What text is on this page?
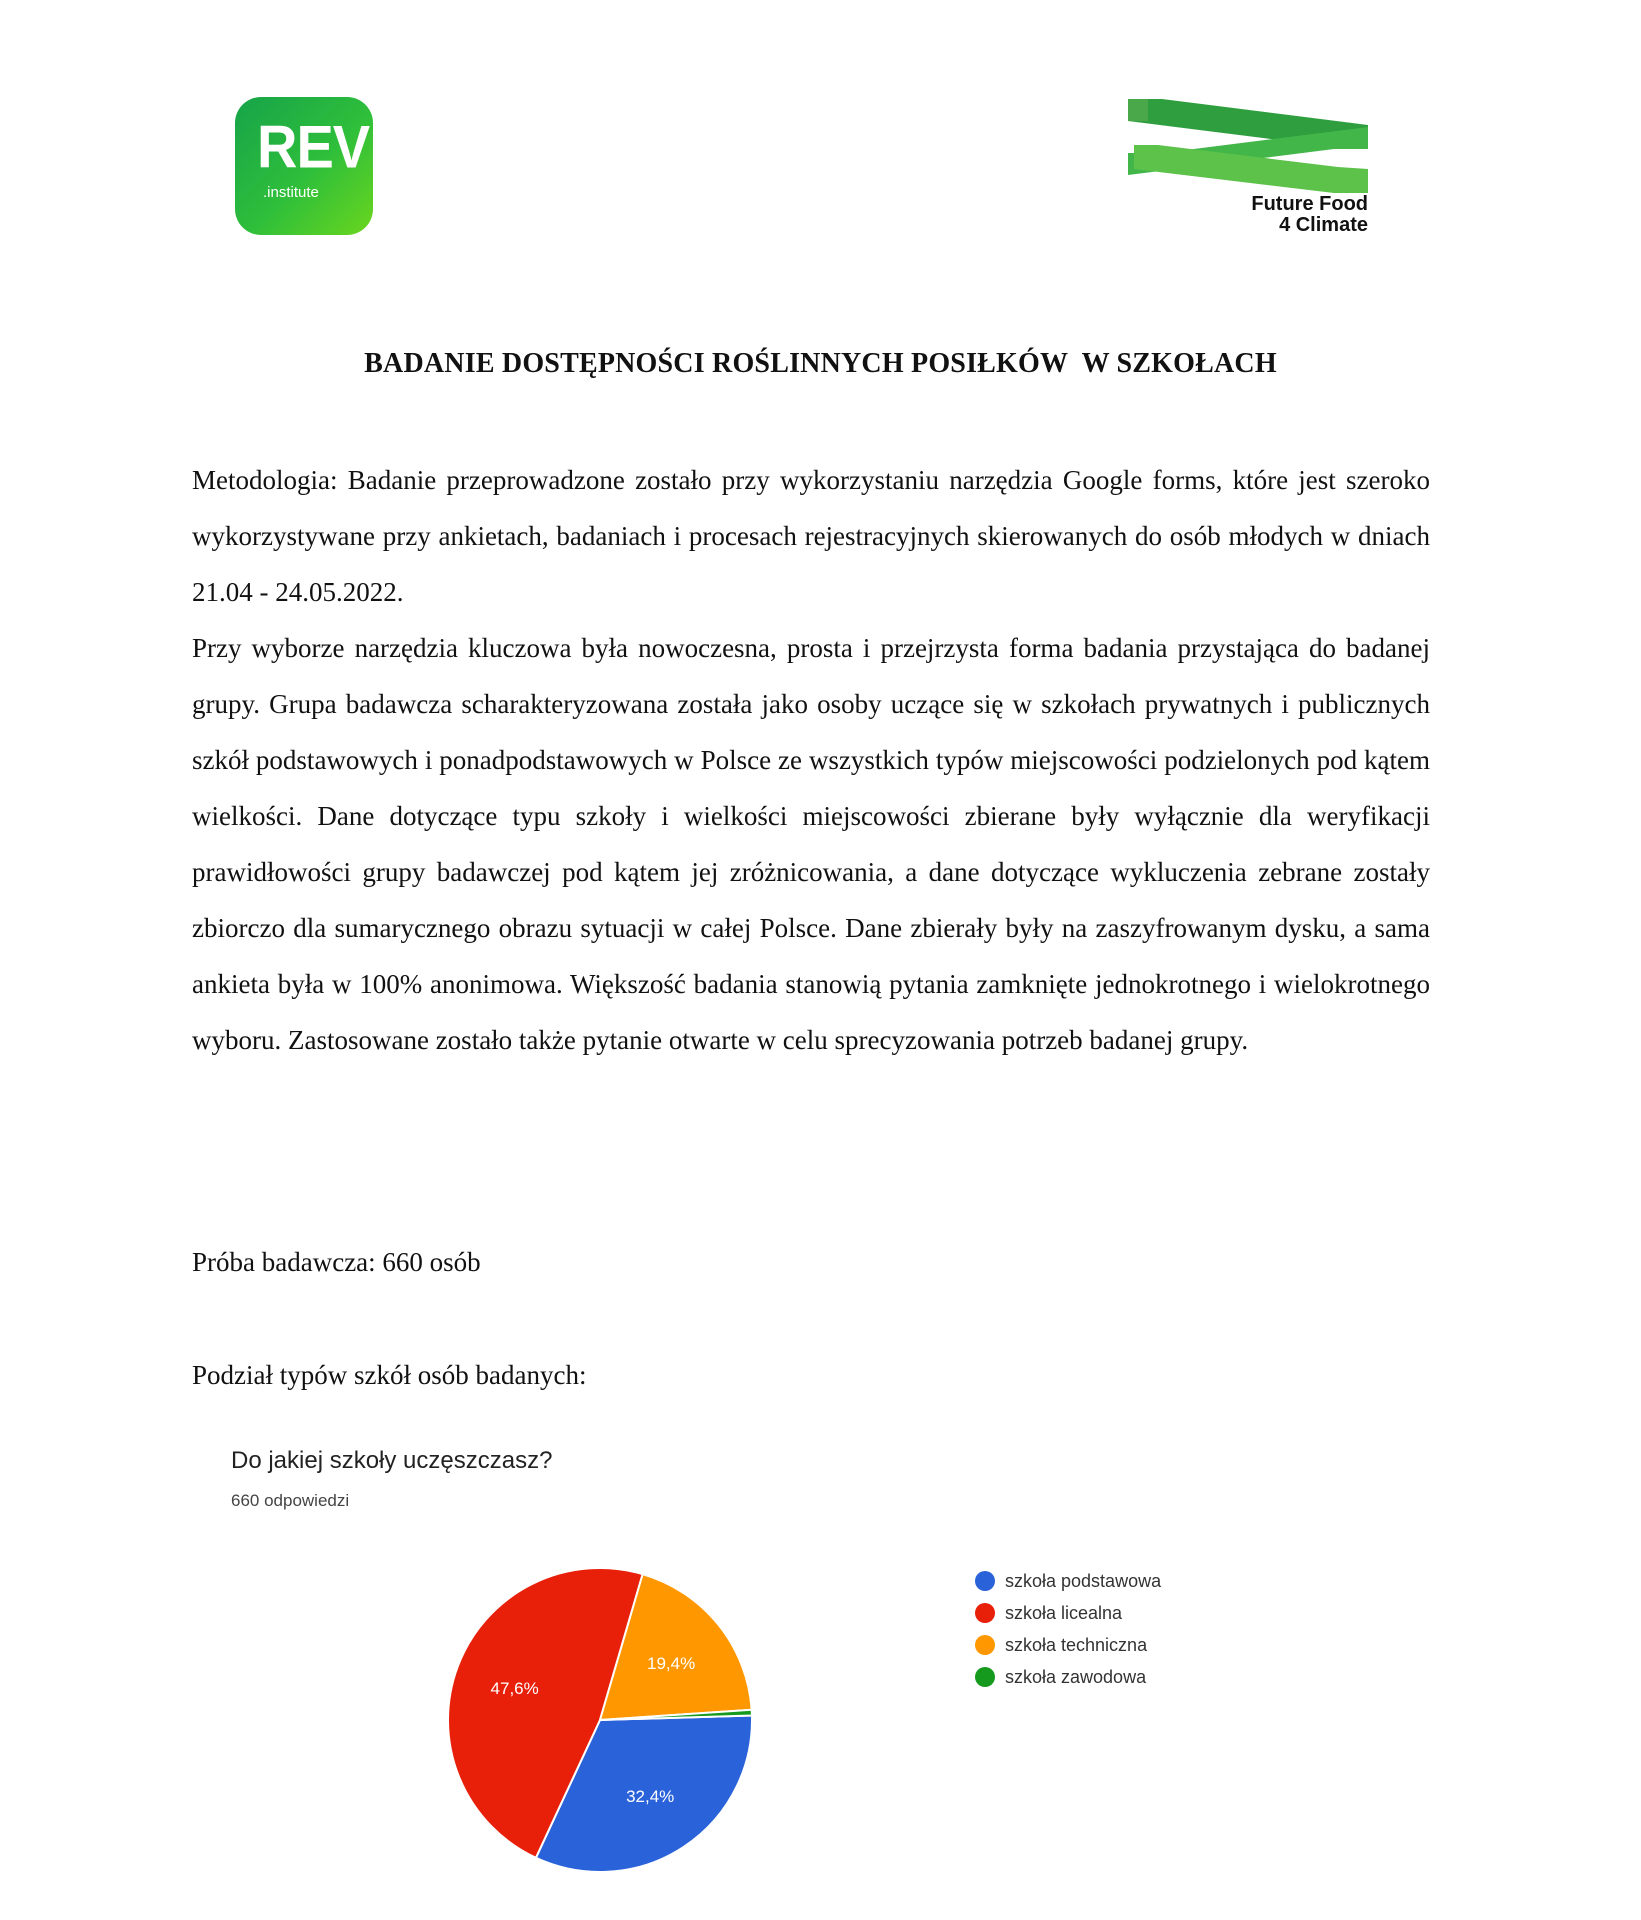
REV
.institute
Future Food
4 Climate
BADANIE DOSTĘPNOŚCI ROŚLINNYCH POSIŁKÓW  W SZKOŁACH

Metodologia: Badanie przeprowadzone zostało przy wykorzystaniu narzędzia Google forms, które jest szeroko wykorzystywane przy ankietach, badaniach i procesach rejestracyjnych skierowanych do osób młodych w dniach 21.04 - 24.05.2022.

Przy wyborze narzędzia kluczowa była nowoczesna, prosta i przejrzysta forma badania przystająca do badanej grupy. Grupa badawcza scharakteryzowana została jako osoby uczące się w szkołach prywatnych i publicznych szkół podstawowych i ponadpodstawowych w Polsce ze wszystkich typów miejscowości podzielonych pod kątem wielkości. Dane dotyczące typu szkoły i wielkości miejscowości zbierane były wyłącznie dla weryfikacji prawidłowości grupy badawczej pod kątem jej zróżnicowania, a dane dotyczące wykluczenia zebrane zostały zbiorczo dla sumarycznego obrazu sytuacji w całej Polsce. Dane zbierały były na zaszyfrowanym dysku, a sama ankieta była w 100% anonimowa. Większość badania stanowią pytania zamknięte jednokrotnego i wielokrotnego wyboru. Zastosowane zostało także pytanie otwarte w celu sprecyzowania potrzeb badanej grupy.

Próba badawcza: 660 osób
Podział typów szkół osób badanych:
Do jakiej szkoły uczęszczasz?
660 odpowiedzi
32,4%
47,6%
19,4%
szkoła podstawowa
szkoła licealna
szkoła techniczna
szkoła zawodowa
